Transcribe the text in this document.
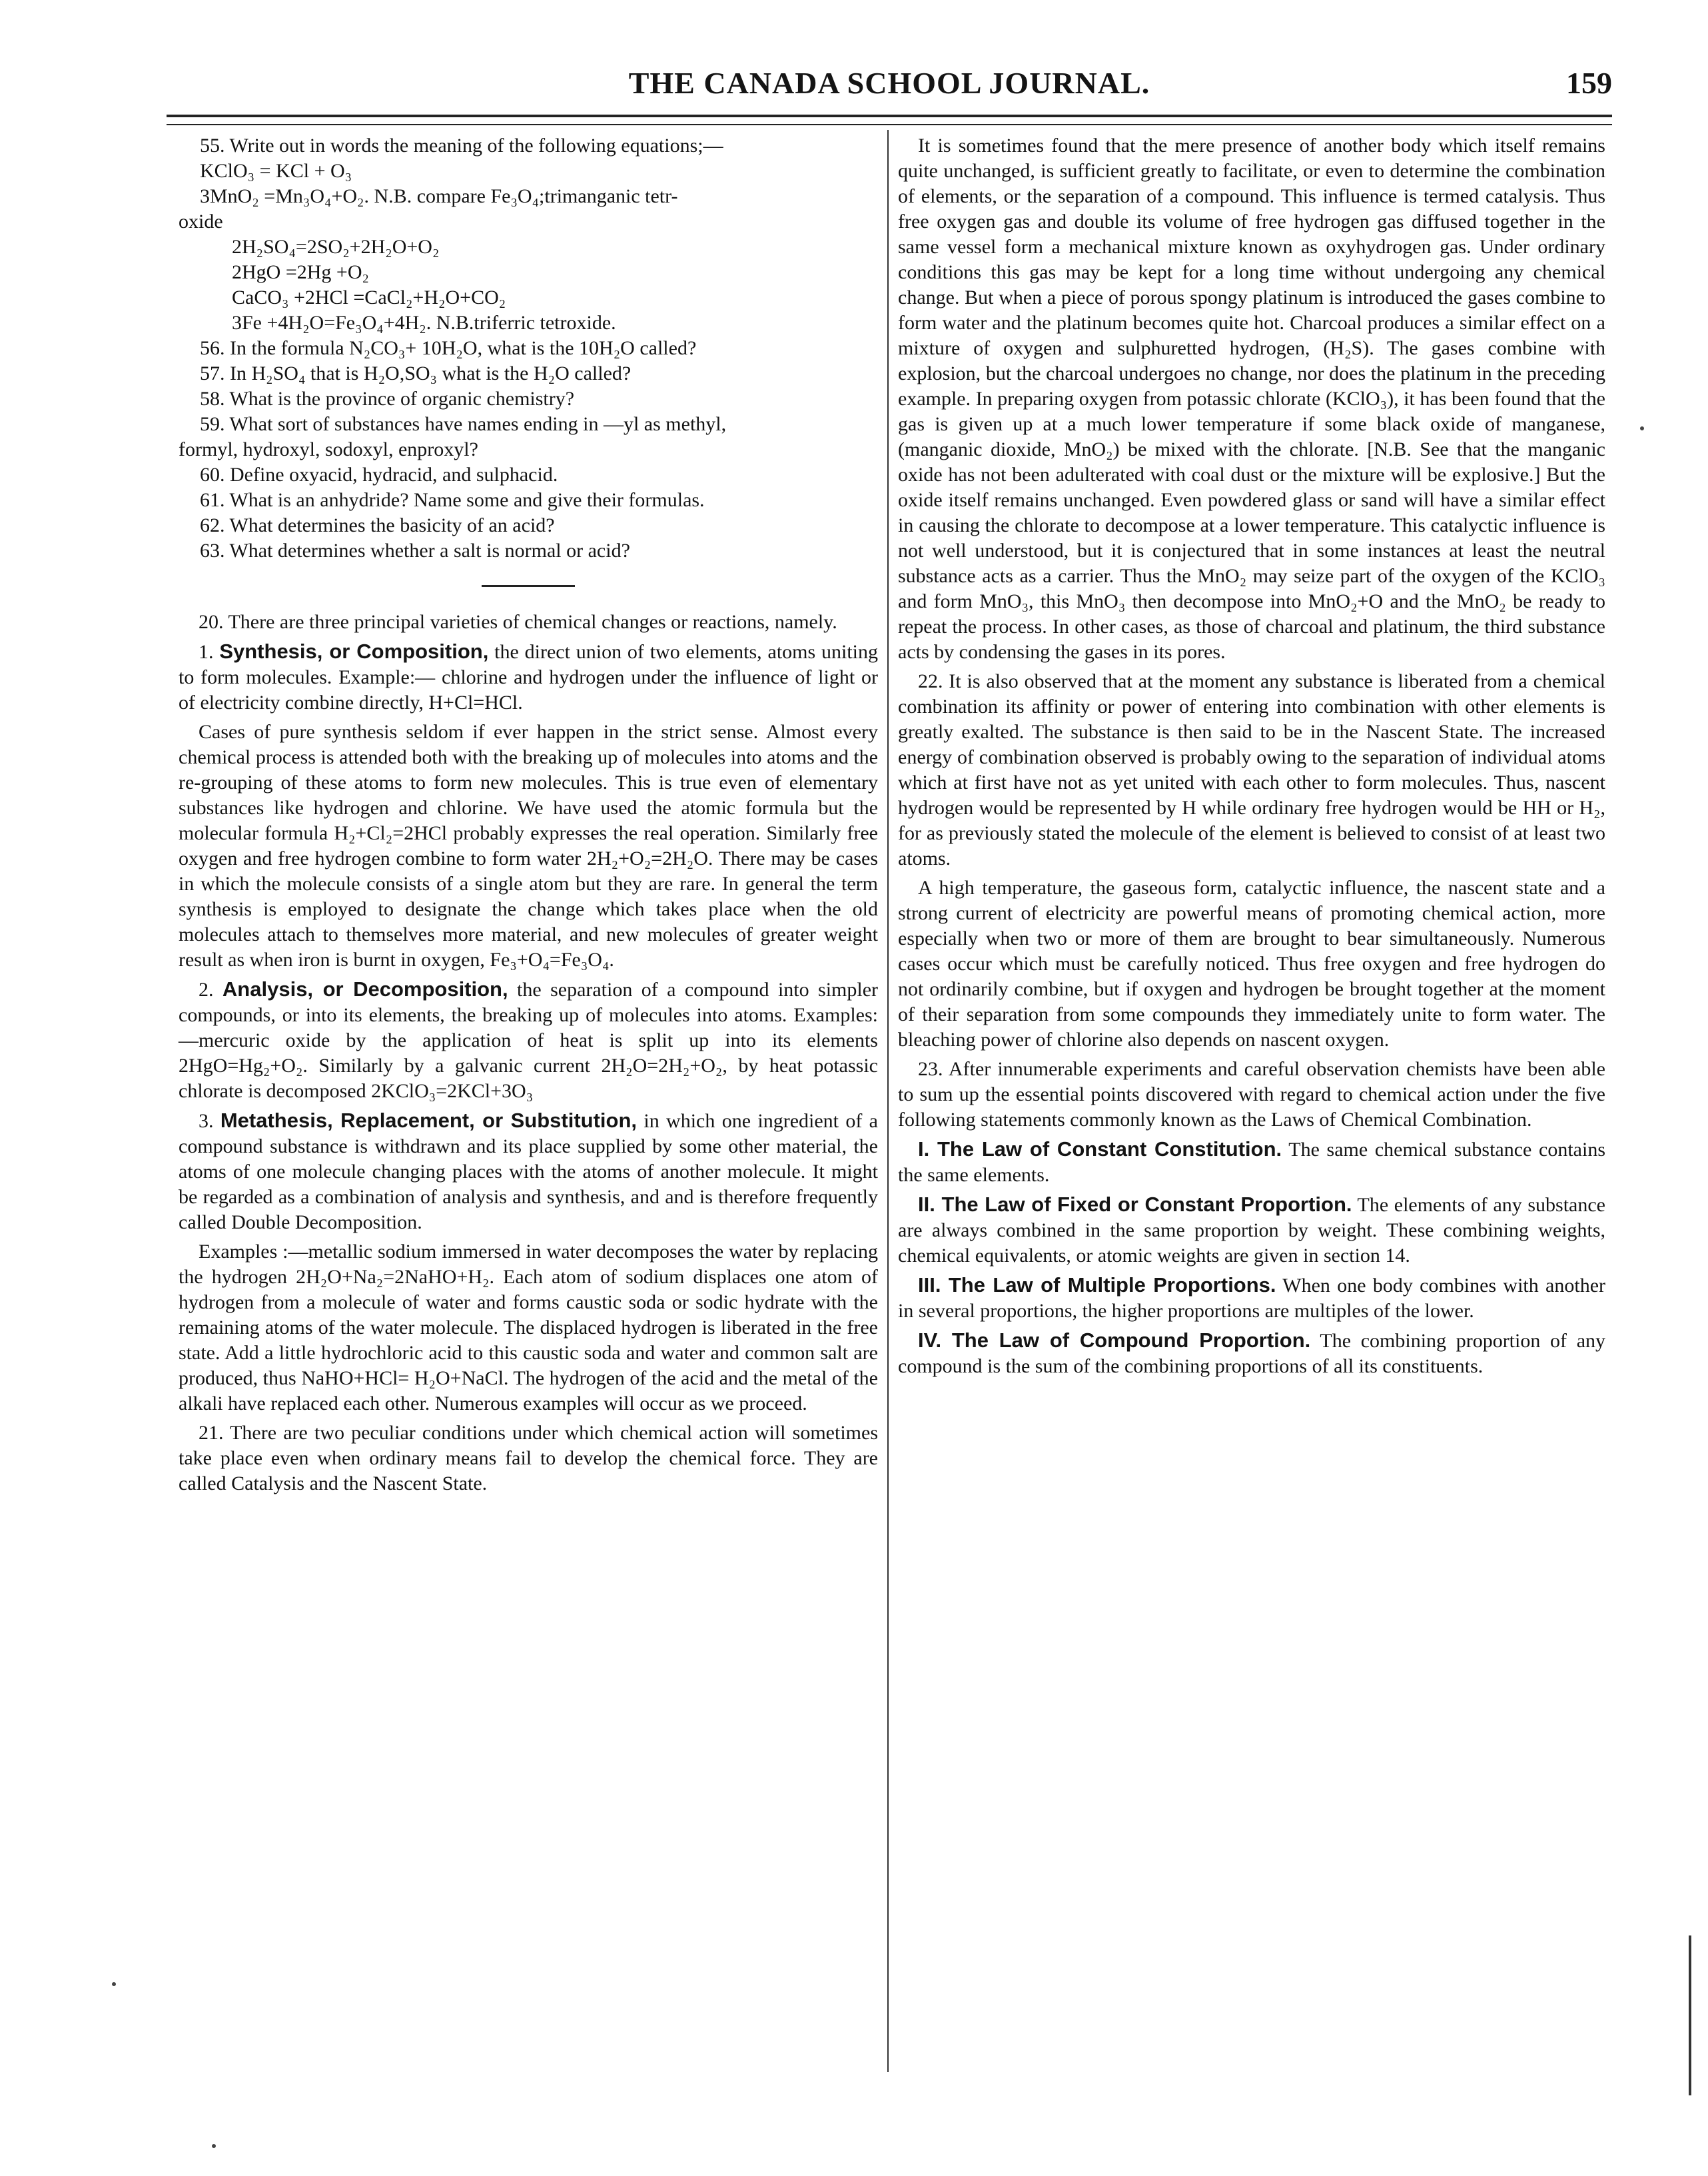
THE CANADA SCHOOL JOURNAL.	159

55. Write out in words the meaning of the following equations;—

KClO₃ = KCl + O₃

3MnO₂ =Mn₃O₄+O₂. N.B. compare Fe₃O₄;trimanganic tetr-

oxide

2H₂SO₄=2SO₂+2H₂O+O₂

2HgO =2Hg +O₂

CaCO₃ +2HCl =CaCl₂+H₂O+CO₂

3Fe +4H₂O=Fe₃O₄+4H₂. N.B.triferric tetroxide.

56. In the formula N₂CO₃+ 10H₂O, what is the 10H₂O called?

57. In H₂SO₄ that is H₂O,SO₃ what is the H₂O called?

58. What is the province of organic chemistry?

59. What sort of substances have names ending in —yl as methyl,

formyl, hydroxyl, sodoxyl, enproxyl?

60. Define oxyacid, hydracid, and sulphacid.

61. What is an anhydride? Name some and give their formulas.

62. What determines the basicity of an acid?

63. What determines whether a salt is normal or acid?

20. There are three principal varieties of chemical changes or reactions, namely.

1. Synthesis, or Composition, the direct union of two elements, atoms uniting to form molecules. Example:— chlorine and hydrogen under the influence of light or of electricity combine directly, H+Cl=HCl.

Cases of pure synthesis seldom if ever happen in the strict sense. Almost every chemical process is attended both with the breaking up of molecules into atoms and the re-grouping of these atoms to form new molecules. This is true even of elementary substances like hydrogen and chlorine. We have used the atomic formula but the molecular formula H₂+Cl₂=2HCl probably expresses the real operation. Similarly free oxygen and free hydrogen combine to form water 2H₂+O₂=2H₂O. There may be cases in which the molecule consists of a single atom but they are rare. In general the term synthesis is employed to designate the change which takes place when the old molecules attach to themselves more material, and new molecules of greater weight result as when iron is burnt in oxygen, Fe₃+O₄=Fe₃O₄.

2. Analysis, or Decomposition, the separation of a compound into simpler compounds, or into its elements, the breaking up of molecules into atoms. Examples:—mercuric oxide by the application of heat is split up into its elements 2HgO=Hg₂+O₂. Similarly by a galvanic current 2H₂O=2H₂+O₂, by heat potassic chlorate is decomposed 2KClO₃=2KCl+3O₃

3. Metathesis, Replacement, or Substitution, in which one ingredient of a compound substance is withdrawn and its place supplied by some other material, the atoms of one molecule changing places with the atoms of another molecule. It might be regarded as a combination of analysis and synthesis, and and is therefore frequently called Double Decomposition.

Examples :—metallic sodium immersed in water decomposes the water by replacing the hydrogen 2H₂O+Na₂=2NaHO+H₂. Each atom of sodium displaces one atom of hydrogen from a molecule of water and forms caustic soda or sodic hydrate with the remaining atoms of the water molecule. The displaced hydrogen is liberated in the free state. Add a little hydrochloric acid to this caustic soda and water and common salt are produced, thus NaHO+HCl= H₂O+NaCl. The hydrogen of the acid and the metal of the alkali have replaced each other. Numerous examples will occur as we proceed.

21. There are two peculiar conditions under which chemical action will sometimes take place even when ordinary means fail to develop the chemical force. They are called Catalysis and the Nascent State.

It is sometimes found that the mere presence of another body which itself remains quite unchanged, is sufficient greatly to facilitate, or even to determine the combination of elements, or the separation of a compound. This influence is termed catalysis. Thus free oxygen gas and double its volume of free hydrogen gas diffused together in the same vessel form a mechanical mixture known as oxyhydrogen gas. Under ordinary conditions this gas may be kept for a long time without undergoing any chemical change. But when a piece of porous spongy platinum is introduced the gases combine to form water and the platinum becomes quite hot. Charcoal produces a similar effect on a mixture of oxygen and sulphuretted hydrogen, (H₂S). The gases combine with explosion, but the charcoal undergoes no change, nor does the platinum in the preceding example. In preparing oxygen from potassic chlorate (KClO₃), it has been found that the gas is given up at a much lower temperature if some black oxide of manganese, (manganic dioxide, MnO₂) be mixed with the chlorate. [N.B. See that the manganic oxide has not been adulterated with coal dust or the mixture will be explosive.] But the oxide itself remains unchanged. Even powdered glass or sand will have a similar effect in causing the chlorate to decompose at a lower temperature. This catalyctic influence is not well understood, but it is conjectured that in some instances at least the neutral substance acts as a carrier. Thus the MnO₂ may seize part of the oxygen of the KClO₃ and form MnO₃, this MnO₃ then decompose into MnO₂+O and the MnO₂ be ready to repeat the process. In other cases, as those of charcoal and platinum, the third substance acts by condensing the gases in its pores.

22. It is also observed that at the moment any substance is liberated from a chemical combination its affinity or power of entering into combination with other elements is greatly exalted. The substance is then said to be in the Nascent State. The increased energy of combination observed is probably owing to the separation of individual atoms which at first have not as yet united with each other to form molecules. Thus, nascent hydrogen would be represented by H while ordinary free hydrogen would be HH or H₂, for as previously stated the molecule of the element is believed to consist of at least two atoms.

A high temperature, the gaseous form, catalyctic influence, the nascent state and a strong current of electricity are powerful means of promoting chemical action, more especially when two or more of them are brought to bear simultaneously. Numerous cases occur which must be carefully noticed. Thus free oxygen and free hydrogen do not ordinarily combine, but if oxygen and hydrogen be brought together at the moment of their separation from some compounds they immediately unite to form water. The bleaching power of chlorine also depends on nascent oxygen.

23. After innumerable experiments and careful observation chemists have been able to sum up the essential points discovered with regard to chemical action under the five following statements commonly known as the Laws of Chemical Combination.

I. The Law of Constant Constitution. The same chemical substance contains the same elements.

II. The Law of Fixed or Constant Proportion. The elements of any substance are always combined in the same proportion by weight. These combining weights, chemical equivalents, or atomic weights are given in section 14.

III. The Law of Multiple Proportions. When one body combines with another in several proportions, the higher proportions are multiples of the lower.

IV. The Law of Compound Proportion. The combining proportion of any compound is the sum of the combining proportions of all its constituents.
